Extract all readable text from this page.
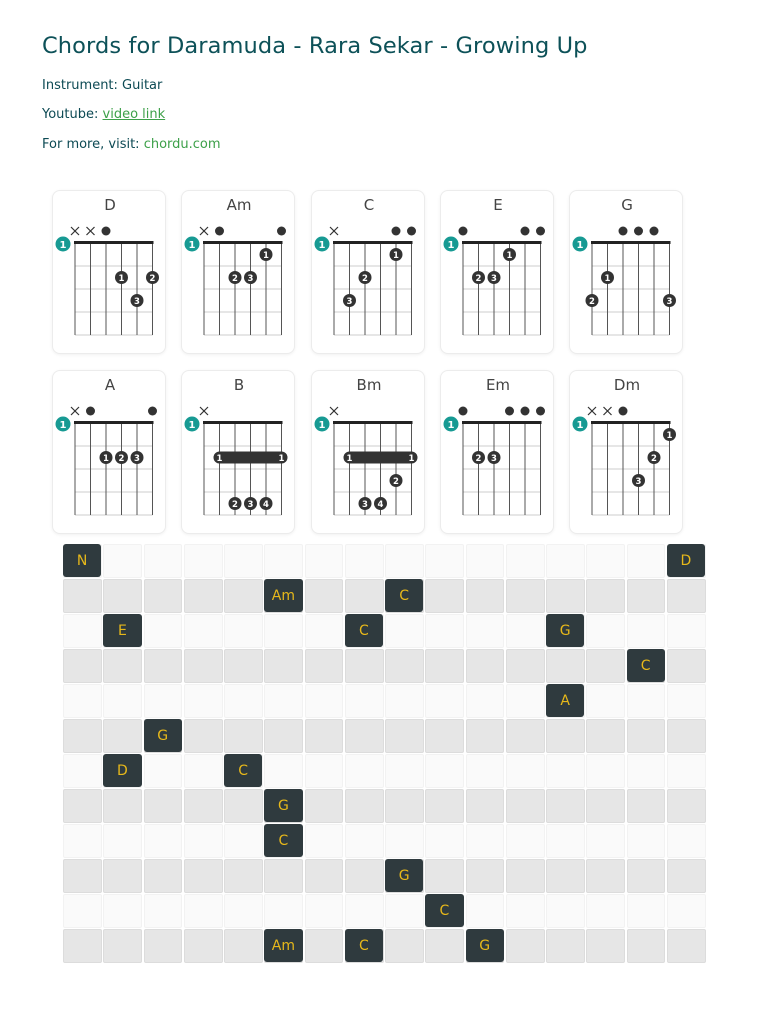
Chords for Daramuda - Rara Sekar - Growing Up
Instrument: Guitar
Youtube: video link
For more, visit: chordu.com
D
1
1	2
3
Am
1
1
2 3
C
1
1
2
3
E
1
1
2 3
G
1
1
2	3
A
1
1 2 3
B
1
1	1
2 3 4
Bm
1
1	1
2
3 4
Em
1
2 3
Dm
1
1
2
3
N	D
Am	C
E	C	G
C
A
G
D	C
G
C
G
C
Am	C	G
